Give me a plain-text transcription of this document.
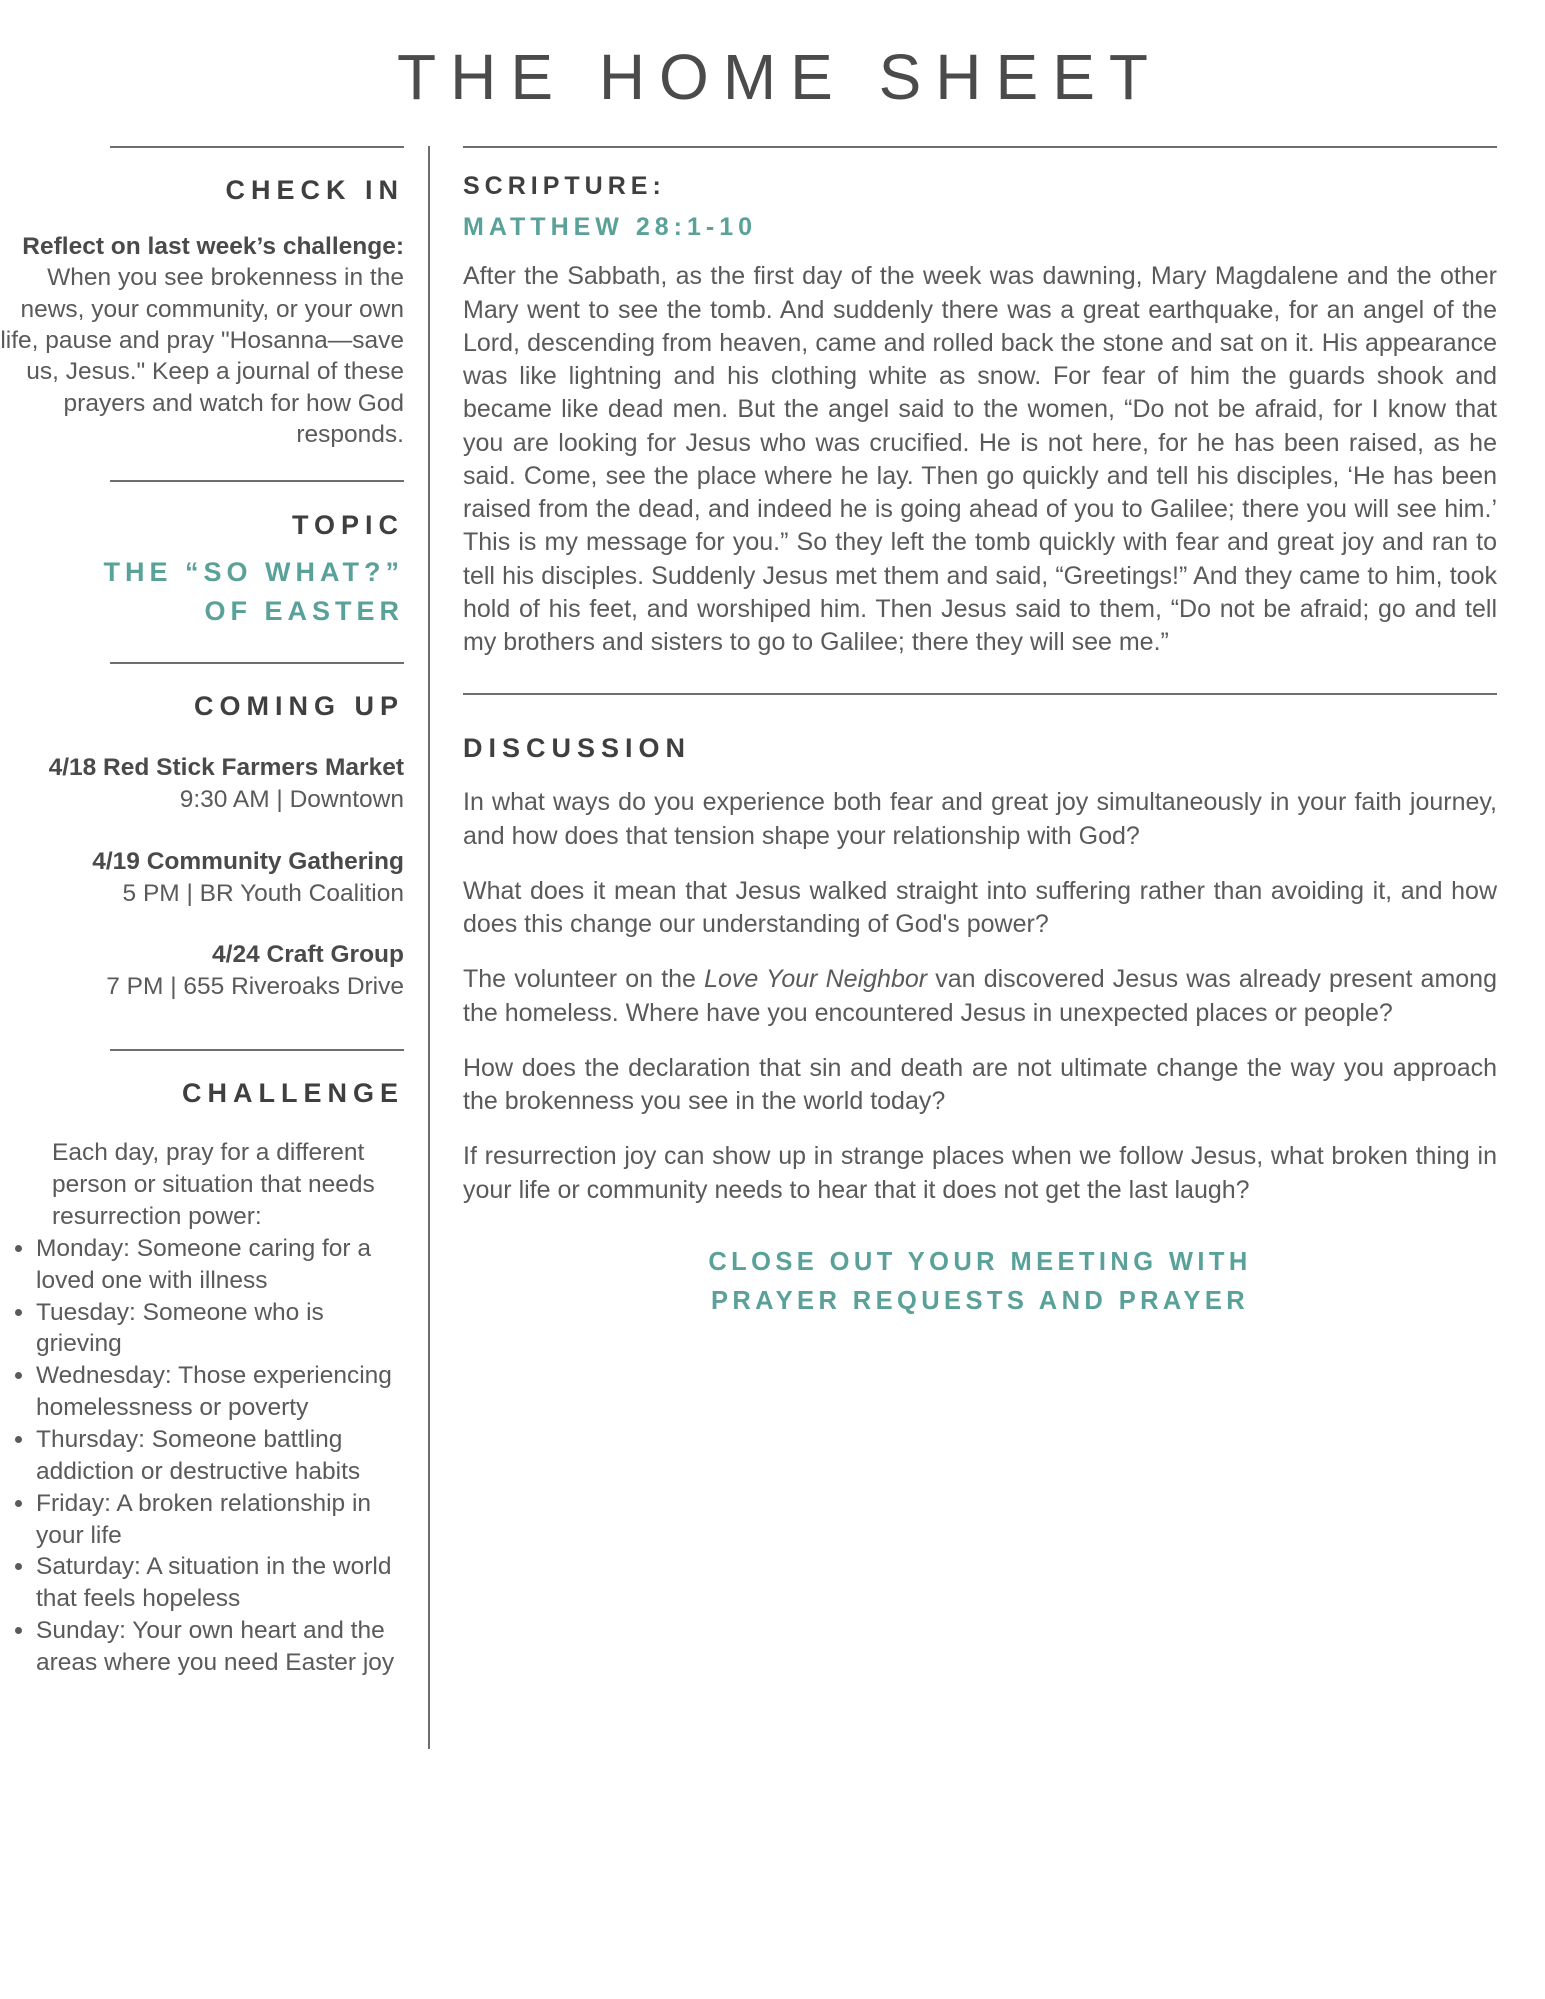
THE HOME SHEET
CHECK IN

Reflect on last week’s challenge: When you see brokenness in the news, your community, or your own life, pause and pray "Hosanna—save us, Jesus." Keep a journal of these prayers and watch for how God responds.

TOPIC
THE “SO WHAT?”
OF EASTER
COMING UP
4/18 Red Stick Farmers Market
9:30 AM | Downtown
4/19 Community Gathering
5 PM | BR Youth Coalition
4/24 Craft Group
7 PM | 655 Riveroaks Drive
CHALLENGE

Each day, pray for a different person or situation that needs resurrection power:

• Monday: Someone caring for a loved one with illness
• Tuesday: Someone who is grieving
• Wednesday: Those experiencing homelessness or poverty
• Thursday: Someone battling addiction or destructive habits
• Friday: A broken relationship in your life
• Saturday: A situation in the world that feels hopeless
• Sunday: Your own heart and the areas where you need Easter joy
SCRIPTURE:
MATTHEW 28:1-10

After the Sabbath, as the first day of the week was dawning, Mary Magdalene and the other Mary went to see the tomb. And suddenly there was a great earthquake, for an angel of the Lord, descending from heaven, came and rolled back the stone and sat on it. His appearance was like lightning and his clothing white as snow. For fear of him the guards shook and became like dead men. But the angel said to the women, “Do not be afraid, for I know that you are looking for Jesus who was crucified. He is not here, for he has been raised, as he said. Come, see the place where he lay. Then go quickly and tell his disciples, ‘He has been raised from the dead, and indeed he is going ahead of you to Galilee; there you will see him.’ This is my message for you.” So they left the tomb quickly with fear and great joy and ran to tell his disciples. Suddenly Jesus met them and said, “Greetings!” And they came to him, took hold of his feet, and worshiped him. Then Jesus said to them, “Do not be afraid; go and tell my brothers and sisters to go to Galilee; there they will see me.”

DISCUSSION

In what ways do you experience both fear and great joy simultaneously in your faith journey, and how does that tension shape your relationship with God?

What does it mean that Jesus walked straight into suffering rather than avoiding it, and how does this change our understanding of God's power?

The volunteer on the Love Your Neighbor van discovered Jesus was already present among the homeless. Where have you encountered Jesus in unexpected places or people?

How does the declaration that sin and death are not ultimate change the way you approach the brokenness you see in the world today?

If resurrection joy can show up in strange places when we follow Jesus, what broken thing in your life or community needs to hear that it does not get the last laugh?

CLOSE OUT YOUR MEETING WITH
PRAYER REQUESTS AND PRAYER
